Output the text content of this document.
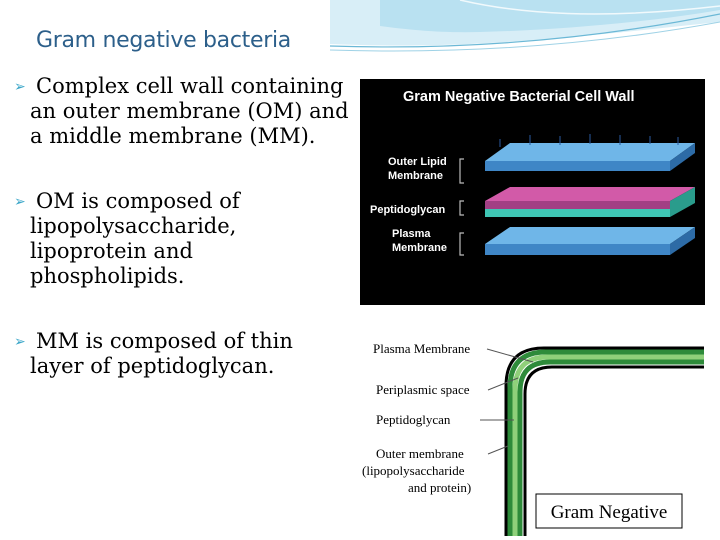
Gram negative bacteria
➢ Complex cell wall containing an outer membrane (OM) and a middle membrane (MM).
➢ OM is composed of lipopolysaccharide, lipoprotein and phospholipids.
➢ MM is composed of thin layer of peptidoglycan.
Gram Negative Bacterial Cell Wall
Outer Lipid
Membrane
Peptidoglycan
Plasma
Membrane
Plasma Membrane
Periplasmic space
Peptidoglycan
Outer membrane
(lipopolysaccharide
and protein)
Gram Negative
